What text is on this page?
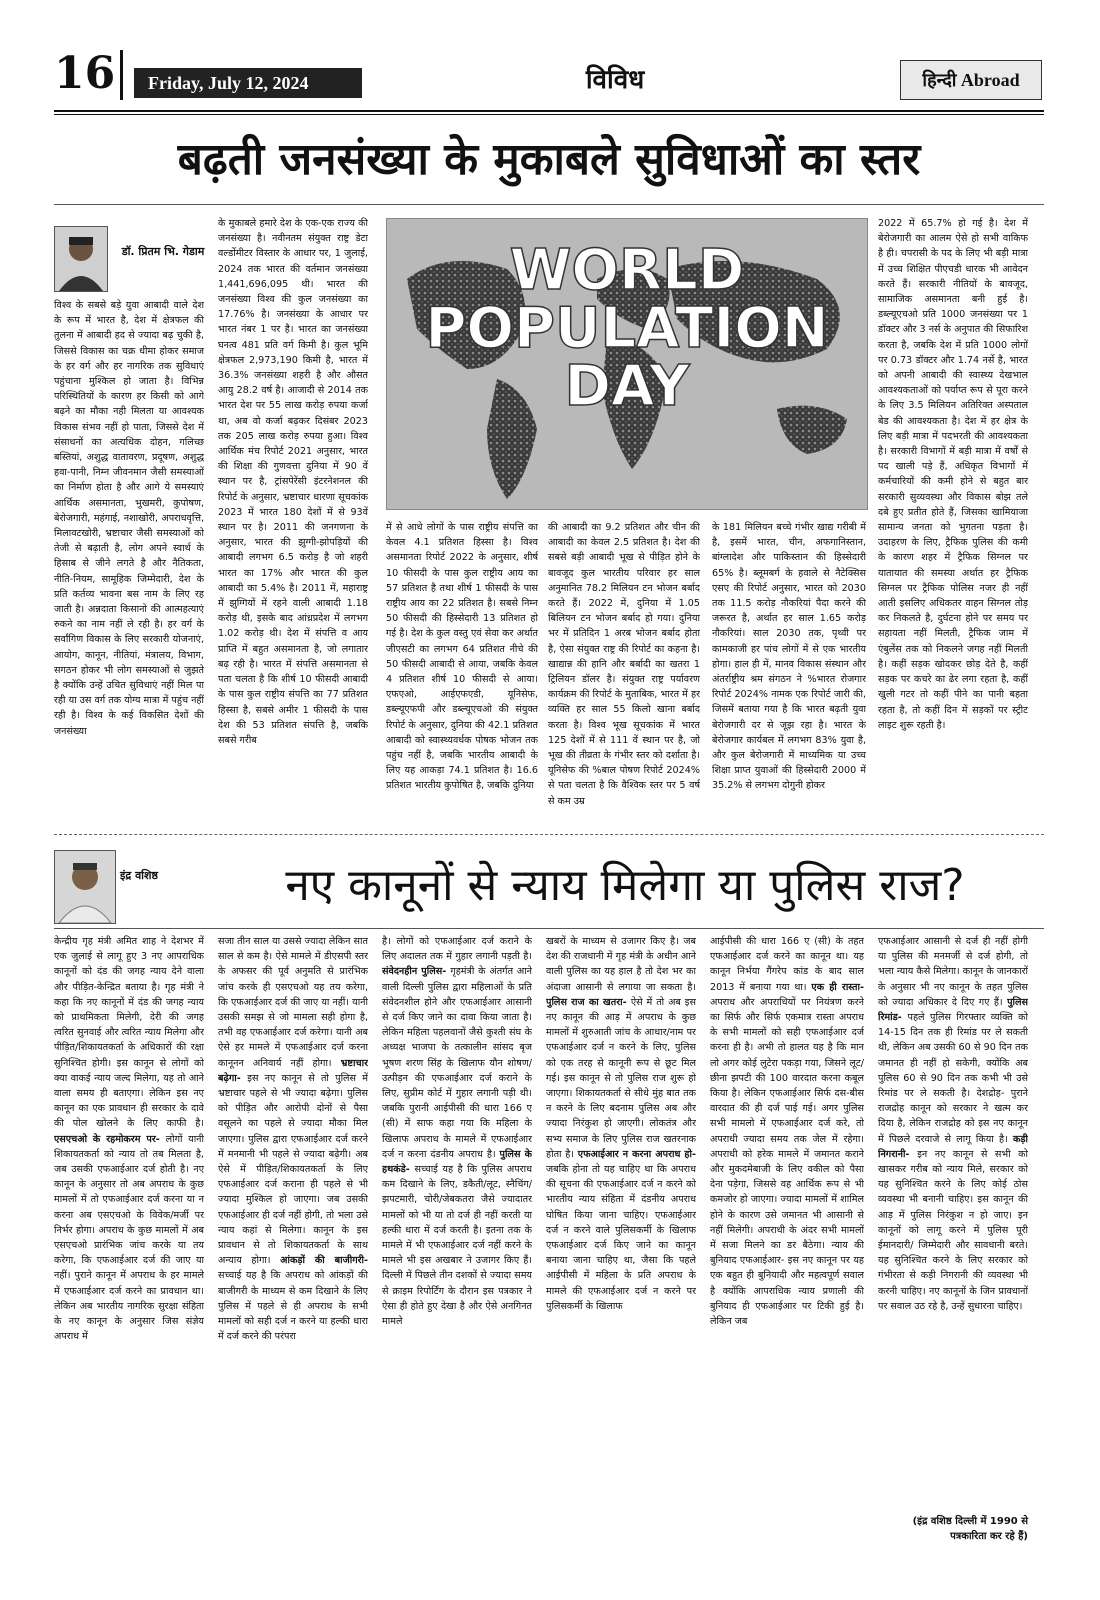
16	Friday, July 12, 2024	विविध	हिन्दी Abroad
बढ़ती जनसंख्या के मुकाबले सुविधाओं का स्तर
डॉ. प्रितम भि. गेडाम

विश्व के सबसे बड़े युवा आबादी वाले देश के रूप में भारत है, देश में क्षेत्रफल की तुलना में आबादी हद से ज्यादा बढ़ चुकी है, जिससे विकास का चक्र धीमा होकर समाज के हर वर्ग और हर नागरिक तक सुविधाएं पहुंचाना मुश्किल हो जाता है। विभिन्न परिस्थितियों के कारण हर किसी को आगे बढ़ने का मौका नही मिलता या आवश्यक विकास संभव नहीं हो पाता, जिससे देश में संसाधनों का अत्यधिक दोहन, गलिच्छ बस्तियां, अशुद्ध वातावरण, प्रदूषण, अशुद्ध हवा-पानी, निम्न जीवनमान जैसी समस्याओं का निर्माण होता है और आगे ये समस्याएं आर्थिक असमानता, भुखमरी, कुपोषण, बेरोजगारी, महंगाई, नशाखोरी, अपराधवृत्ति, मिलावटखोरी, भ्रष्टाचार जैसी समस्याओं को तेजी से बढ़ाती है, लोग अपने स्वार्थ के हिसाब से जीने लगते है और नैतिकता, नीति-नियम, सामूहिक जिम्मेदारी, देश के प्रति कर्तव्य भावना बस नाम के लिए रह जाती है। अन्नदाता किसानो की आत्महत्याएं रुकने का नाम नहीं ले रही है। हर वर्ग के सर्वांगिण विकास के लिए सरकारी योजनाएं, आयोग, कानून, नीतियां, मंत्रालय, विभाग, सगठन होकर भी लोग समस्याओं से जुझते है क्योंकि उन्हें उचित सुविधाएं नहीं मिल पा रही या उस वर्ग तक योग्य मात्रा में पहुंच नहीं रही है। विश्व के कई विकसित देशों की जनसंख्या

के मुकाबले हमारे देश के एक-एक राज्य की जनसंख्या है। नवीनतम संयुक्त राष्ट्र डेटा वर्ल्डोमीटर विस्तार के आधार पर, 1 जुलाई, 2024 तक भारत की वर्तमान जनसंख्या 1,441,696,095 थी। भारत की जनसंख्या विश्व की कुल जनसंख्या का 17.76% है। जनसंख्या के आधार पर भारत नंबर 1 पर है। भारत का जनसंख्या घनत्व 481 प्रति वर्ग किमी है। कुल भूमि क्षेत्रफल 2,973,190 किमी है, भारत में 36.3% जनसंख्या शहरी है और औसत आयु 28.2 वर्ष है। आजादी से 2014 तक भारत देश पर 55 लाख करोड़ रुपया कर्जा था, अब वो कर्जा बढ़कर दिसंबर 2023 तक 205 लाख करोड़ रुपया हुआ। विश्व आर्थिक मंच रिपोर्ट 2021 अनुसार, भारत की शिक्षा की गुणवत्ता दुनिया में 90 वें स्थान पर है, ट्रांसपेरेंसी इंटरनेशनल की रिपोर्ट के अनुसार, भ्रष्टाचार धारणा सूचकांक 2023 में भारत 180 देशों में से 93वें स्थान पर है। 2011 की जनगणना के अनुसार, भारत की झुग्गी-झोपड़ियों की आबादी लगभग 6.5 करोड़ है जो शहरी भारत का 17% और भारत की कुल आबादी का 5.4% है। 2011 में, महाराष्ट्र में झुग्गियों में रहने वाली आबादी 1.18 करोड़ थी, इसके बाद आंध्रप्रदेश में लगभग 1.02 करोड़ थी। देश में संपत्ति व आय प्राप्ति में बहुत असमानता है, जो लगातार बढ़ रही है। भारत में संपत्ति असमानता से पता चलता है कि शीर्ष 10 फीसदी आबादी के पास कुल राष्ट्रीय संपत्ति का 77 प्रतिशत हिस्सा है, सबसे अमीर 1 फीसदी के पास देश की 53 प्रतिशत संपत्ति है, जबकि सबसे गरीब

WORLD
POPULATION
DAY

में से आधे लोगों के पास राष्ट्रीय संपत्ति का केवल 4.1 प्रतिशत हिस्सा है। विश्व असमानता रिपोर्ट 2022 के अनुसार, शीर्ष 10 फीसदी के पास कुल राष्ट्रीय आय का 57 प्रतिशत है तथा शीर्ष 1 फीसदी के पास राष्ट्रीय आय का 22 प्रतिशत है। सबसे निम्न 50 फीसदी की हिस्सेदारी 13 प्रतिशत हो गई है। देश के कुल वस्तु एवं सेवा कर अर्थात जीएसटी का लगभग 64 प्रतिशत नीचे की 50 फीसदी आबादी से आया, जबकि केवल 4 प्रतिशत शीर्ष 10 फीसदी से आया। एफएओ, आईएफएडी, यूनिसेफ, डब्ल्यूएफपी और डब्ल्यूएचओ की संयुक्त रिपोर्ट के अनुसार, दुनिया की 42.1 प्रतिशत आबादी को स्वास्थ्यवर्धक पोषक भोजन तक पहुंच नहीं है, जबकि भारतीय आबादी के लिए यह आकड़ा 74.1 प्रतिशत है। 16.6 प्रतिशत भारतीय कुपोषित है, जबकि दुनिया

की आबादी का 9.2 प्रतिशत और चीन की आबादी का केवल 2.5 प्रतिशत है। देश की सबसे बड़ी आबादी भूख से पीड़ित होने के बावजूद कुल भारतीय परिवार हर साल अनुमानित 78.2 मिलियन टन भोजन बर्बाद करते हैं। 2022 में, दुनिया में 1.05 बिलियन टन भोजन बर्बाद हो गया। दुनिया भर में प्रतिदिन 1 अरब भोजन बर्बाद होता है, ऐसा संयुक्त राष्ट्र की रिपोर्ट का कहना है। खाद्यान्न की हानि और बर्बादी का खतरा 1 ट्रिलियन डॉलर है। संयुक्त राष्ट्र पर्यावरण कार्यक्रम की रिपोर्ट के मुताबिक, भारत में हर व्यक्ति हर साल 55 किलो खाना बर्बाद करता है। विश्व भूख सूचकांक में भारत 125 देशों में से 111 वें स्थान पर है, जो भूख की तीव्रता के गंभीर स्तर को दर्शाता है। यूनिसेफ की %बाल पोषण रिपोर्ट 2024% से पता चलता है कि वैश्विक स्तर पर 5 वर्ष से कम उम्र

के 181 मिलियन बच्चे गंभीर खाद्य गरीबी में है, इसमें भारत, चीन, अफगानिस्तान, बांग्लादेश और पाकिस्तान की हिस्सेदारी 65% है। ब्लूमबर्ग के हवाले से नैटेक्सिस एसए की रिपोर्ट अनुसार, भारत को 2030 तक 11.5 करोड़ नौकरियां पैदा करने की जरूरत है, अर्थात हर साल 1.65 करोड़ नौकरियां। साल 2030 तक, पृथ्वी पर कामकाजी हर पांच लोगों में से एक भारतीय होगा। हाल ही में, मानव विकास संस्थान और अंतर्राष्ट्रीय श्रम संगठन ने %भारत रोजगार रिपोर्ट 2024% नामक एक रिपोर्ट जारी की, जिसमें बताया गया है कि भारत बढ़ती युवा बेरोजगारी दर से जूझ रहा है। भारत के बेरोजगार कार्यबल में लगभग 83% युवा है, और कुल बेरोजगारी में माध्यमिक या उच्च शिक्षा प्राप्त युवाओं की हिस्सेदारी 2000 में 35.2% से लगभग दोगुनी होकर

2022 में 65.7% हो गई है। देश में बेरोजगारी का आलम ऐसे हो सभी वाकिफ है ही। चपरासी के पद के लिए भी बड़ी मात्रा में उच्च शिक्षित पीएचडी धारक भी आवेदन करते हैं। सरकारी नीतियों के बावजूद, सामाजिक असमानता बनी हुई है। डब्ल्यूएचओ प्रति 1000 जनसंख्या पर 1 डॉक्टर और 3 नर्स के अनुपात की सिफारिश करता है, जबकि देश में प्रति 1000 लोगों पर 0.73 डॉक्टर और 1.74 नर्से है, भारत को अपनी आबादी की स्वास्थ्य देखभाल आवश्यकताओं को पर्याप्त रूप से पूरा करने के लिए 3.5 मिलियन अतिरिक्त अस्पताल बेड की आवश्यकता है। देश में हर क्षेत्र के लिए बड़ी मात्रा में पदभरती की आवश्यकता है। सरकारी विभागों में बड़ी मात्रा में वर्षों से पद खाली पड़े हैं, अधिकृत विभागों में कर्मचारियों की कमी होने से बहुत बार सरकारी सुव्यवस्था और विकास बोझ तले दबे हुए प्रतीत होते हैं, जिसका खामियाजा सामान्य जनता को भुगतना पड़ता है। उदाहरण के लिए, ट्रैफिक पुलिस की कमी के कारण शहर में ट्रैफिक सिग्नल पर यातायात की समस्या अर्थात हर ट्रैफिक सिग्नल पर ट्रैफिक पोलिस नजर ही नहीं आती इसलिए अधिकतर वाहन सिग्नल तोड़ कर निकलते है, दुर्घटना होने पर समय पर सहायता नहीं मिलती, ट्रैफिक जाम में एंबुलेंस तक को निकलने जगह नहीं मिलती है। कहीं सड़क खोदकर छोड़ देते है, कहीं सड़क पर कचरे का ढेर लगा रहता है, कहीं खुली गटर तो कहीं पीने का पानी बहता रहता है, तो कहीं दिन में सड़कों पर स्ट्रीट लाइट शुरू रहती है।

इंद्र वशिष्ठ	नए कानूनों से न्याय मिलेगा या पुलिस राज?

केन्द्रीय गृह मंत्री अमित शाह ने देशभर में एक जुलाई से लागू हुए 3 नए आपराधिक कानूनों को दंड की जगह न्याय देने वाला और पीड़ित-केन्द्रित बताया है। गृह मंत्री ने कहा कि नए कानूनों में दंड की जगह न्याय को प्राथमिकता मिलेगी, देरी की जगह त्वरित सुनवाई और त्वरित न्याय मिलेगा और पीड़ित/शिकायतकर्ता के अधिकारों की रक्षा सुनिश्चित होगी। इस कानून से लोगों को क्या वाकई न्याय जल्द मिलेगा, यह तो आने वाला समय ही बताएगा। लेकिन इस नए कानून का एक प्रावधान ही सरकार के दावे की पोल खोलने के लिए काफी है। एसएचओ के रहमोकरम पर- लोगों यानी शिकायतकर्ता को न्याय तो तब मिलता है, जब उसकी एफआईआर दर्ज होती है। नए कानून के अनुसार तो अब अपराध के कुछ मामलों में तो एफआईआर दर्ज करना या न करना अब एसएचओ के विवेक/मर्जी पर निर्भर होगा। अपराध के कुछ मामलों में अब एसएचओ प्रारंभिक जांच करके या तय करेगा, कि एफआईआर दर्ज की जाए या नहीं। पुराने कानून में अपराध के हर मामले में एफआईआर दर्ज करने का प्रावधान था। लेकिन अब भारतीय नागरिक सुरक्षा संहिता के नए कानून के अनुसार जिस संज्ञेय अपराध में

सजा तीन साल या उससे ज्यादा लेकिन सात साल से कम है। ऐसे मामले में डीएसपी स्तर के अफसर की पूर्व अनुमति से प्रारंभिक जांच करके ही एसएचओ यह तय करेगा, कि एफआईआर दर्ज की जाए या नहीं। यानी उसकी समझ से जो मामला सही होगा है, तभी वह एफआईआर दर्ज करेगा। यानी अब ऐसे हर मामले में एफआईआर दर्ज करना कानूनन अनिवार्य नहीं होगा। भ्रष्टाचार बढ़ेगा- इस नए कानून से तो पुलिस में भ्रष्टाचार पहले से भी ज्यादा बढ़ेगा। पुलिस को पीड़ित और आरोपी दोनों से पैसा वसूलने का पहले से ज्यादा मौका मिल जाएगा। पुलिस द्वारा एफआईआर दर्ज करने में मनमानी भी पहले से ज्यादा बढ़ेगी। अब ऐसे में पीड़ित/शिकायतकर्ता के लिए एफआईआर दर्ज कराना ही पहले से भी ज्यादा मुश्किल हो जाएगा। जब उसकी एफआईआर ही दर्ज नहीं होगी, तो भला उसे न्याय कहां से मिलेगा। कानून के इस प्रावधान से तो शिकायतकर्ता के साथ अन्याय होगा। आंकड़ों की बाजीगरी- सच्चाई यह है कि अपराध को आंकड़ों की बाजीगरी के माध्यम से कम दिखाने के लिए पुलिस में पहले से ही अपराध के सभी मामलों को सही दर्ज न करने या हल्की धारा में दर्ज करने की परंपरा

है। लोगों को एफआईआर दर्ज कराने के लिए अदालत तक में गुहार लगानी पड़ती है। संवेदनहीन पुलिस- गृहमंत्री के अंतर्गत आने वाली दिल्ली पुलिस द्वारा महिलाओं के प्रति संवेदनशील होने और एफआईआर आसानी से दर्ज किए जाने का दावा किया जाता है। लेकिन महिला पहलवानों जैसे कुश्ती संघ के अध्यक्ष भाजपा के तत्कालीन सांसद बृज भूषण शरण सिंह के खिलाफ यौन शोषण/ उत्पीड़न की एफआईआर दर्ज कराने के लिए, सुप्रीम कोर्ट में गुहार लगानी पड़ी थी। जबकि पुरानी आईपीसी की धारा 166 ए (सी) में साफ कहा गया कि महिला के खिलाफ अपराध के मामले में एफआईआर दर्ज न करना दंडनीय अपराध है। पुलिस के हथकंडे- सच्चाई यह है कि पुलिस अपराध कम दिखाने के लिए, डकैती/लूट, स्नैचिंग/झपटमारी, चोरी/जेबकतरा जैसे ज्यादातर मामलों को भी या तो दर्ज ही नहीं करती या हल्की धारा में दर्ज करती है। इतना तक के मामले में भी एफआईआर दर्ज नहीं करने के मामले भी इस अखबार ने उजागर किए हैं। दिल्ली में पिछले तीन दशकों से ज्यादा समय से क्राइम रिपोर्टिंग के दौरान इस पत्रकार ने ऐसा ही होते हुए देखा है और ऐसे अनगिनत मामले

खबरों के माध्यम से उजागर किए है। जब देश की राजधानी में गृह मंत्री के अधीन आने वाली पुलिस का यह हाल है तो देश भर का अंदाजा आसानी से लगाया जा सकता है। पुलिस राज का खतरा- ऐसे में तो अब इस नए कानून की आड़ में अपराध के कुछ मामलों में शुरुआती जांच के आधार/नाम पर एफआईआर दर्ज न करने के लिए, पुलिस को एक तरह से कानूनी रूप से छूट मिल गई। इस कानून से तो पुलिस राज शुरू हो जाएगा। शिकायतकर्ता से सीधे मुंह बात तक न करने के लिए बदनाम पुलिस अब और ज्यादा निरंकुश हो जाएगी। लोकतंत्र और सभ्य समाज के लिए पुलिस राज खतरनाक होता है। एफआईआर न करना अपराध हो- जबकि होना तो यह चाहिए था कि अपराध की सूचना की एफआईआर दर्ज न करने को भारतीय न्याय संहिता में दंडनीय अपराध घोषित किया जाना चाहिए। एफआईआर दर्ज न करने वाले पुलिसकर्मी के खिलाफ एफआईआर दर्ज किए जाने का कानून बनाया जाना चाहिए था, जैसा कि पहले आईपीसी में महिला के प्रति अपराध के मामले की एफआईआर दर्ज न करने पर पुलिसकर्मी के खिलाफ

आईपीसी की धारा 166 ए (सी) के तहत एफआईआर दर्ज करने का कानून था। यह कानून निर्भया गैंगरेप कांड के बाद साल 2013 में बनाया गया था। एक ही रास्ता- अपराध और अपराधियों पर नियंत्रण करने का सिर्फ और सिर्फ एकमात्र रास्ता अपराध के सभी मामलों को सही एफआईआर दर्ज करना ही है। अभी तो हालत यह है कि मान लो अगर कोई लुटेरा पकड़ा गया, जिसने लूट/छीना झपटी की 100 वारदात करना कबूल किया है। लेकिन एफआईआर सिर्फ दस-बीस वारदात की ही दर्ज पाई गई। अगर पुलिस सभी मामलो में एफआईआर दर्ज करे, तो अपराधी ज्यादा समय तक जेल में रहेगा। अपराधी को हरेक मामले में जमानत कराने और मुकदमेबाजी के लिए वकील को पैसा देना पड़ेगा, जिससे वह आर्थिक रूप से भी कमजोर हो जाएगा। ज्यादा मामलों में शामिल होने के कारण उसे जमानत भी आसानी से नहीं मिलेगी। अपराधी के अंदर सभी मामलों में सजा मिलने का डर बैठेगा। न्याय की बुनियाद एफआईआर- इस नए कानून पर यह एक बहुत ही बुनियादी और महत्वपूर्ण सवाल है क्योंकि आपराधिक न्याय प्रणाली की बुनियाद ही एफआईआर पर टिकी हुई है। लेकिन जब

एफआईआर आसानी से दर्ज ही नहीं होगी या पुलिस की मनमर्जी से दर्ज होगी, तो भला न्याय कैसे मिलेगा। कानून के जानकारों के अनुसार भी नए कानून के तहत पुलिस को ज्यादा अधिकार दे दिए गए हैं। पुलिस रिमांड- पहले पुलिस गिरफ्तार व्यक्ति को 14-15 दिन तक ही रिमांड पर ले सकती थी, लेकिन अब उसकी 60 से 90 दिन तक जमानत ही नहीं हो सकेगी, क्योंकि अब पुलिस 60 से 90 दिन तक कभी भी उसे रिमांड पर ले सकती है। देशद्रोह- पुराने राजद्रोह कानून को सरकार ने खत्म कर दिया है, लेकिन राजद्रोह को इस नए कानून में पिछले दरवाजे से लागू किया है। कड़ी निगरानी- इन नए कानून से सभी को खासकर गरीब को न्याय मिले, सरकार को यह सुनिश्चित करने के लिए कोई ठोस व्यवस्था भी बनानी चाहिए। इस कानून की आड़ में पुलिस निरंकुश न हो जाए। इन कानूनों को लागू करने में पुलिस पूरी ईमानदारी/ जिम्मेदारी और सावधानी बरते। यह सुनिश्चित करने के लिए सरकार को गंभीरता से कड़ी निगरानी की व्यवस्था भी करनी चाहिए। नए कानूनों के जिन प्रावधानों पर सवाल उठ रहे है, उन्हें सुधारना चाहिए।

(इंद्र वशिष्ठ दिल्ली में 1990 से पत्रकारिता कर रहे हैं)
